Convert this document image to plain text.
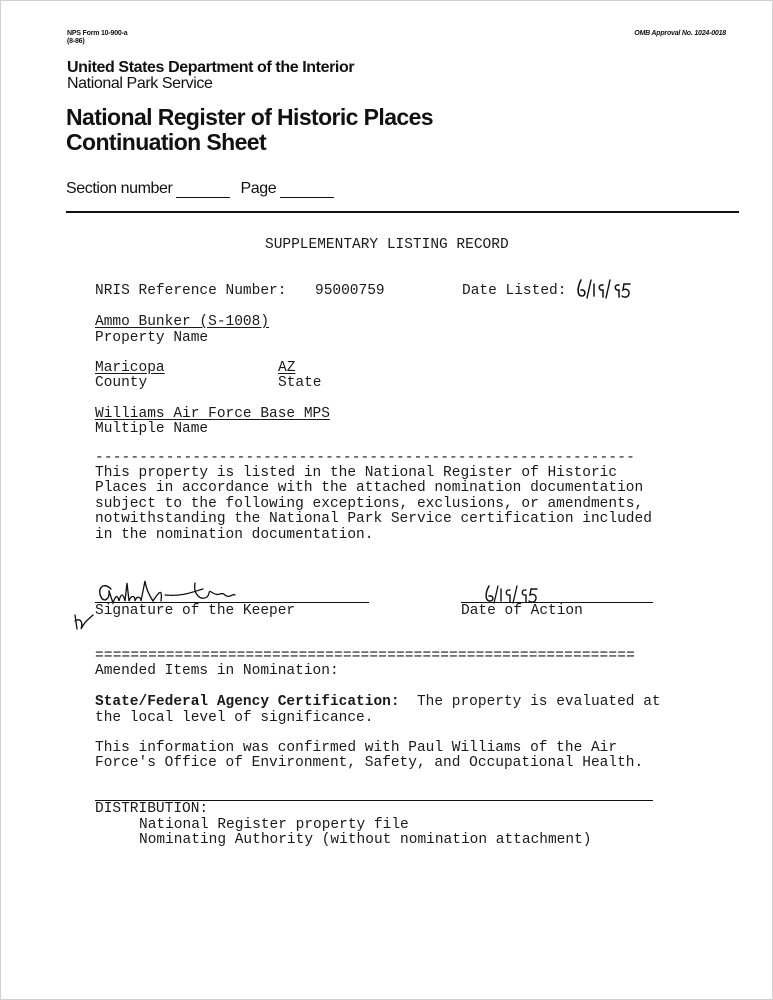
NPS Form 10-900-a
(8-86)
OMB Approval No. 1024-0018
United States Department of the Interior
National Park Service
National Register of Historic Places
Continuation Sheet
Section number	Page
SUPPLEMENTARY LISTING RECORD
NRIS Reference Number: 95000759	Date Listed:
Ammo Bunker (S-1008)
Property Name
Maricopa
County
AZ
State
Williams Air Force Base MPS
Multiple Name
-------------------------------------------------------------
This property is listed in the National Register of Historic
Places in accordance with the attached nomination documentation
subject to the following exceptions, exclusions, or amendments,
notwithstanding the National Park Service certification included
in the nomination documentation.
Signature of the Keeper	Date of Action
=============================================================
Amended Items in Nomination:
State/Federal Agency Certification:  The property is evaluated at
the local level of significance.
This information was confirmed with Paul Williams of the Air
Force's Office of Environment, Safety, and Occupational Health.
DISTRIBUTION:
National Register property file
Nominating Authority (without nomination attachment)
